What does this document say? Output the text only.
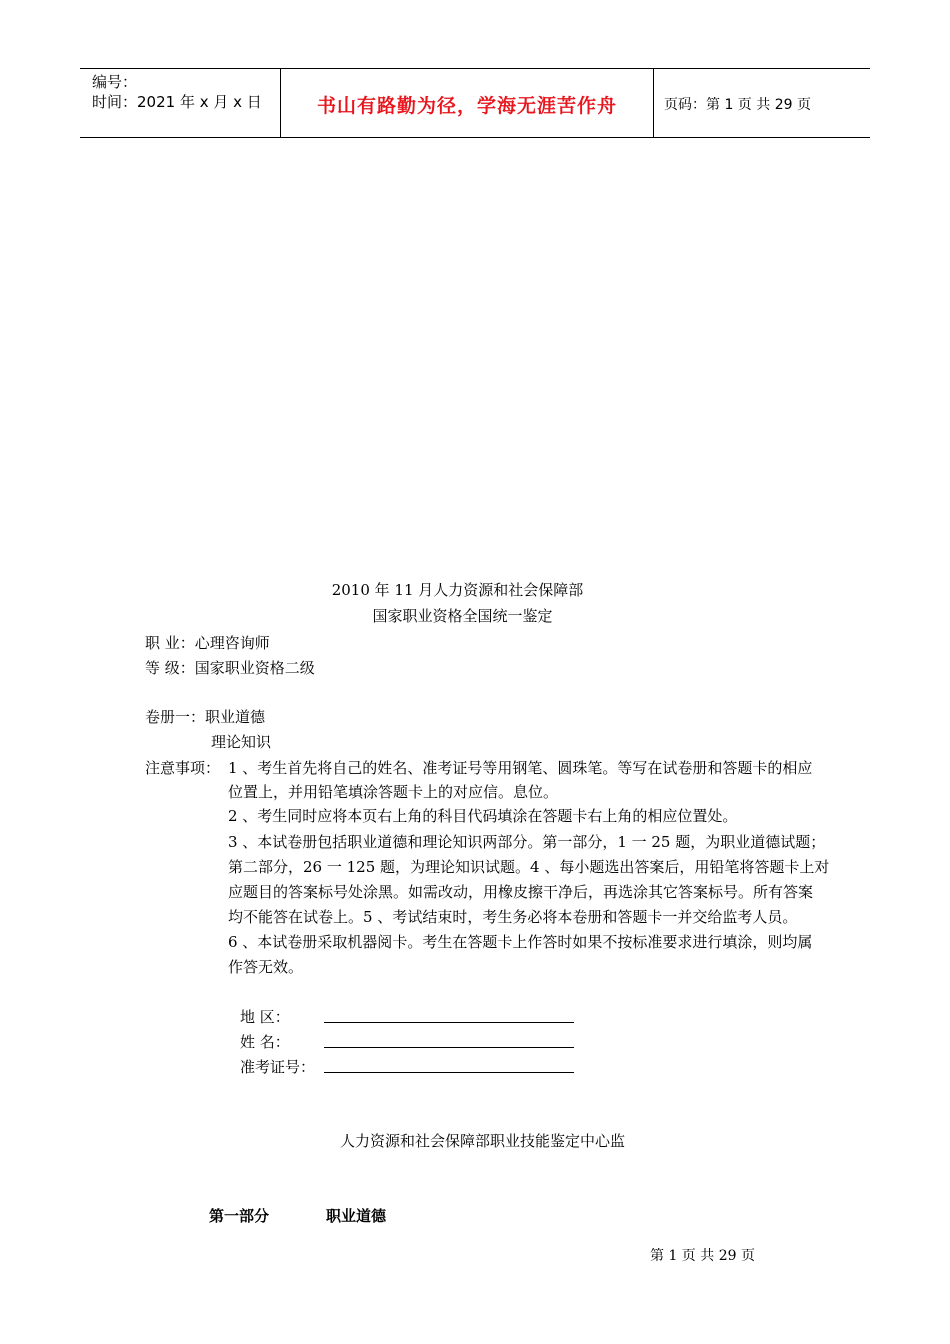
编号：
时间：2021 年 x 月 x 日	书山有路勤为径，学海无涯苦作舟	页码：第 1 页 共 29 页
2010 年 11 月人力资源和社会保障部
国家职业资格全国统一鉴定
职 业：心理咨询师
等 级：国家职业资格二级
卷册一：职业道德
理论知识
注意事项： 1 、考生首先将自己的姓名、准考证号等用钢笔、圆珠笔。等写在试卷册和答题卡的相应
位置上，并用铅笔填涂答题卡上的对应信。息位。
2 、考生同时应将本页右上角的科目代码填涂在答题卡右上角的相应位置处。
3 、本试卷册包括职业道德和理论知识两部分。第一部分，1 一 25 题，为职业道德试题；
第二部分，26 一 125 题，为理论知识试题。4 、每小题选出答案后，用铅笔将答题卡上对
应题目的答案标号处涂黑。如需改动，用橡皮擦干净后，再选涂其它答案标号。所有答案
均不能答在试卷上。5 、考试结束时，考生务必将本卷册和答题卡一并交给监考人员。
6 、本试卷册采取机器阅卡。考生在答题卡上作答时如果不按标准要求进行填涂，则均属
作答无效。
地 区：
姓 名：
准考证号：
人力资源和社会保障部职业技能鉴定中心监
第一部分	职业道德
第 1 页 共 29 页
